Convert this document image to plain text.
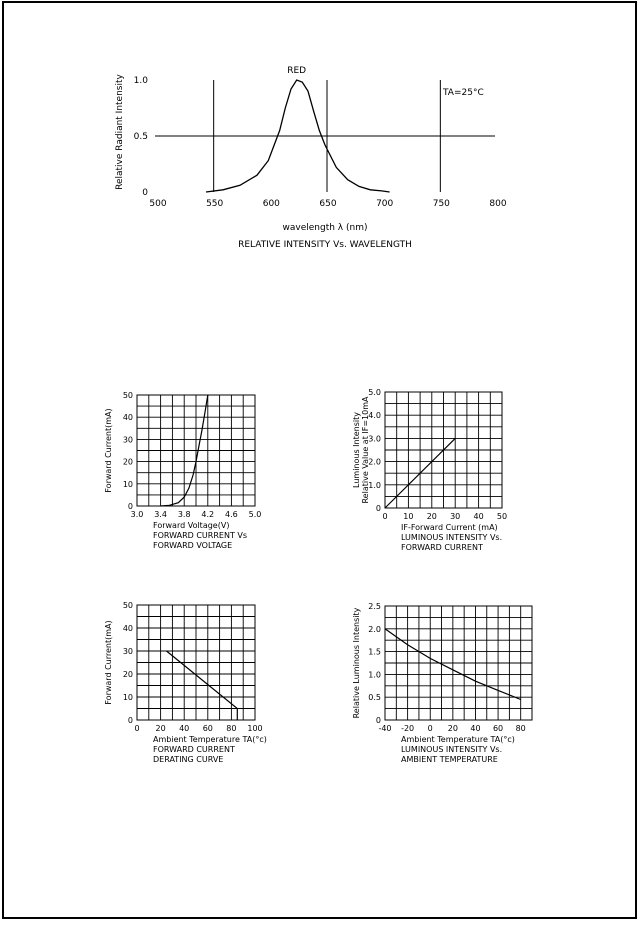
500	550	600	650	700	750	800
0
0.5
1.0
RED
TA=25°C
wavelength λ (nm)
RELATIVE INTENSITY Vs. WAVELENGTH
Relative Radiant Intensity
0
10
20
30
40
50
3.0 3.4 3.8 4.2 4.6 5.0
Forward Voltage(V)
FORWARD CURRENT Vs
FORWARD VOLTAGE
Forward Current(mA)
0
1.0
2.0
3.0
4.0
5.0
0 10 20 30 40 50
IF-Forward Current (mA)
LUMINOUS INTENSITY Vs.
FORWARD CURRENT
Luminous Intensity Relative Value at IF=10mA
0
10
20
30
40
50
0 20 40 60 80 100
Ambient Temperature TA(°c)
FORWARD CURRENT
DERATING CURVE
Forward Current(mA)
0
0.5
1.0
1.5
2.0
2.5
-40 -20 0 20 40 60 80
Ambient Temperature TA(°c)
LUMINOUS INTENSITY Vs.
AMBIENT TEMPERATURE
Relative Luminous Intensity
